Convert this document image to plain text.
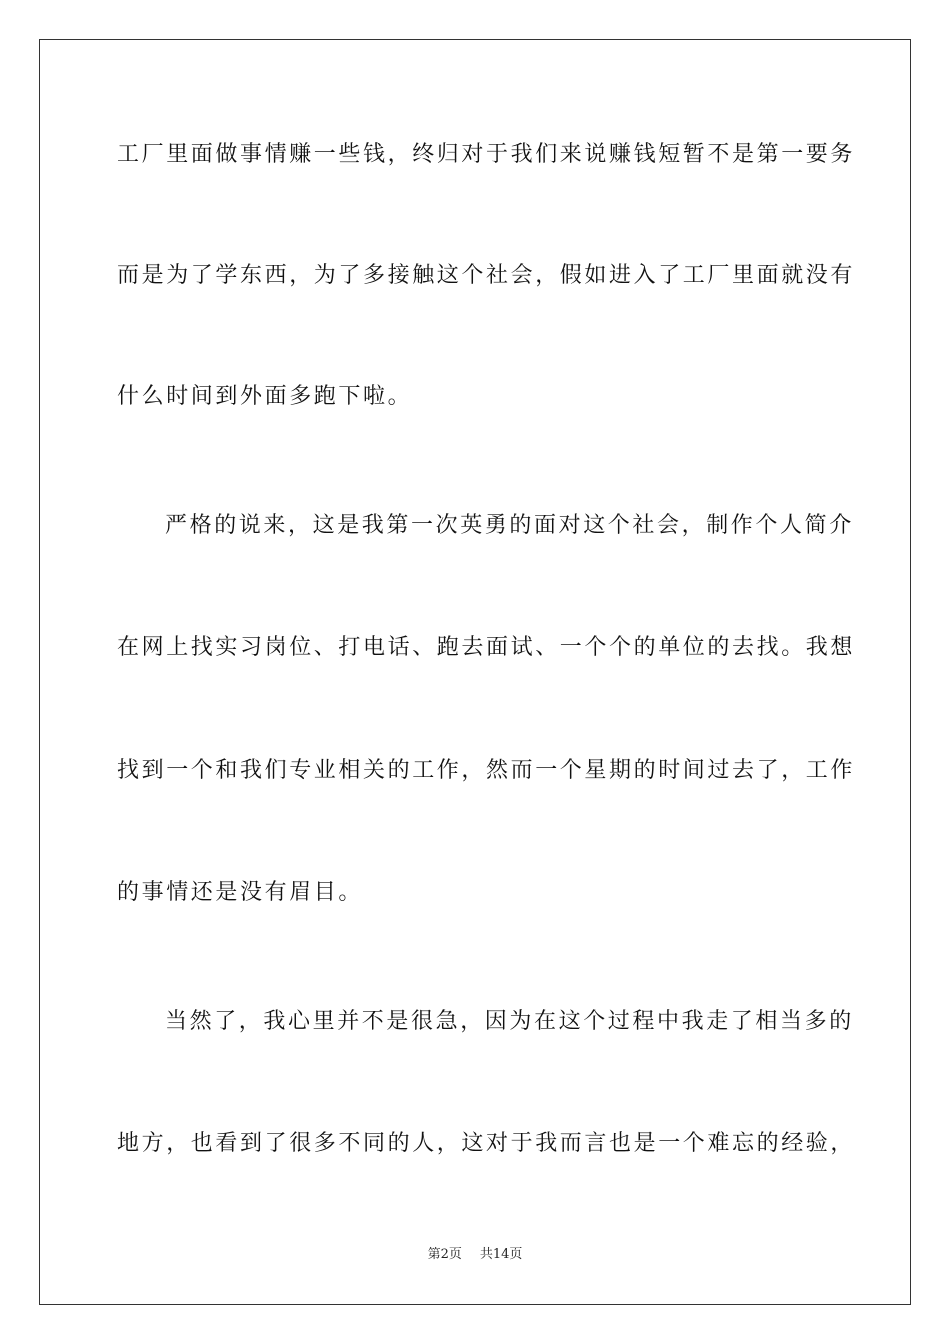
工厂里面做事情赚一些钱，终归对于我们来说赚钱短暂不是第一要务
而是为了学东西，为了多接触这个社会，假如进入了工厂里面就没有
什么时间到外面多跑下啦。
严格的说来，这是我第一次英勇的面对这个社会，制作个人简介
在网上找实习岗位、打电话、跑去面试、一个个的单位的去找。我想
找到一个和我们专业相关的工作，然而一个星期的时间过去了，工作
的事情还是没有眉目。
当然了，我心里并不是很急，因为在这个过程中我走了相当多的
地方，也看到了很多不同的人，这对于我而言也是一个难忘的经验，
第2页 共14页
